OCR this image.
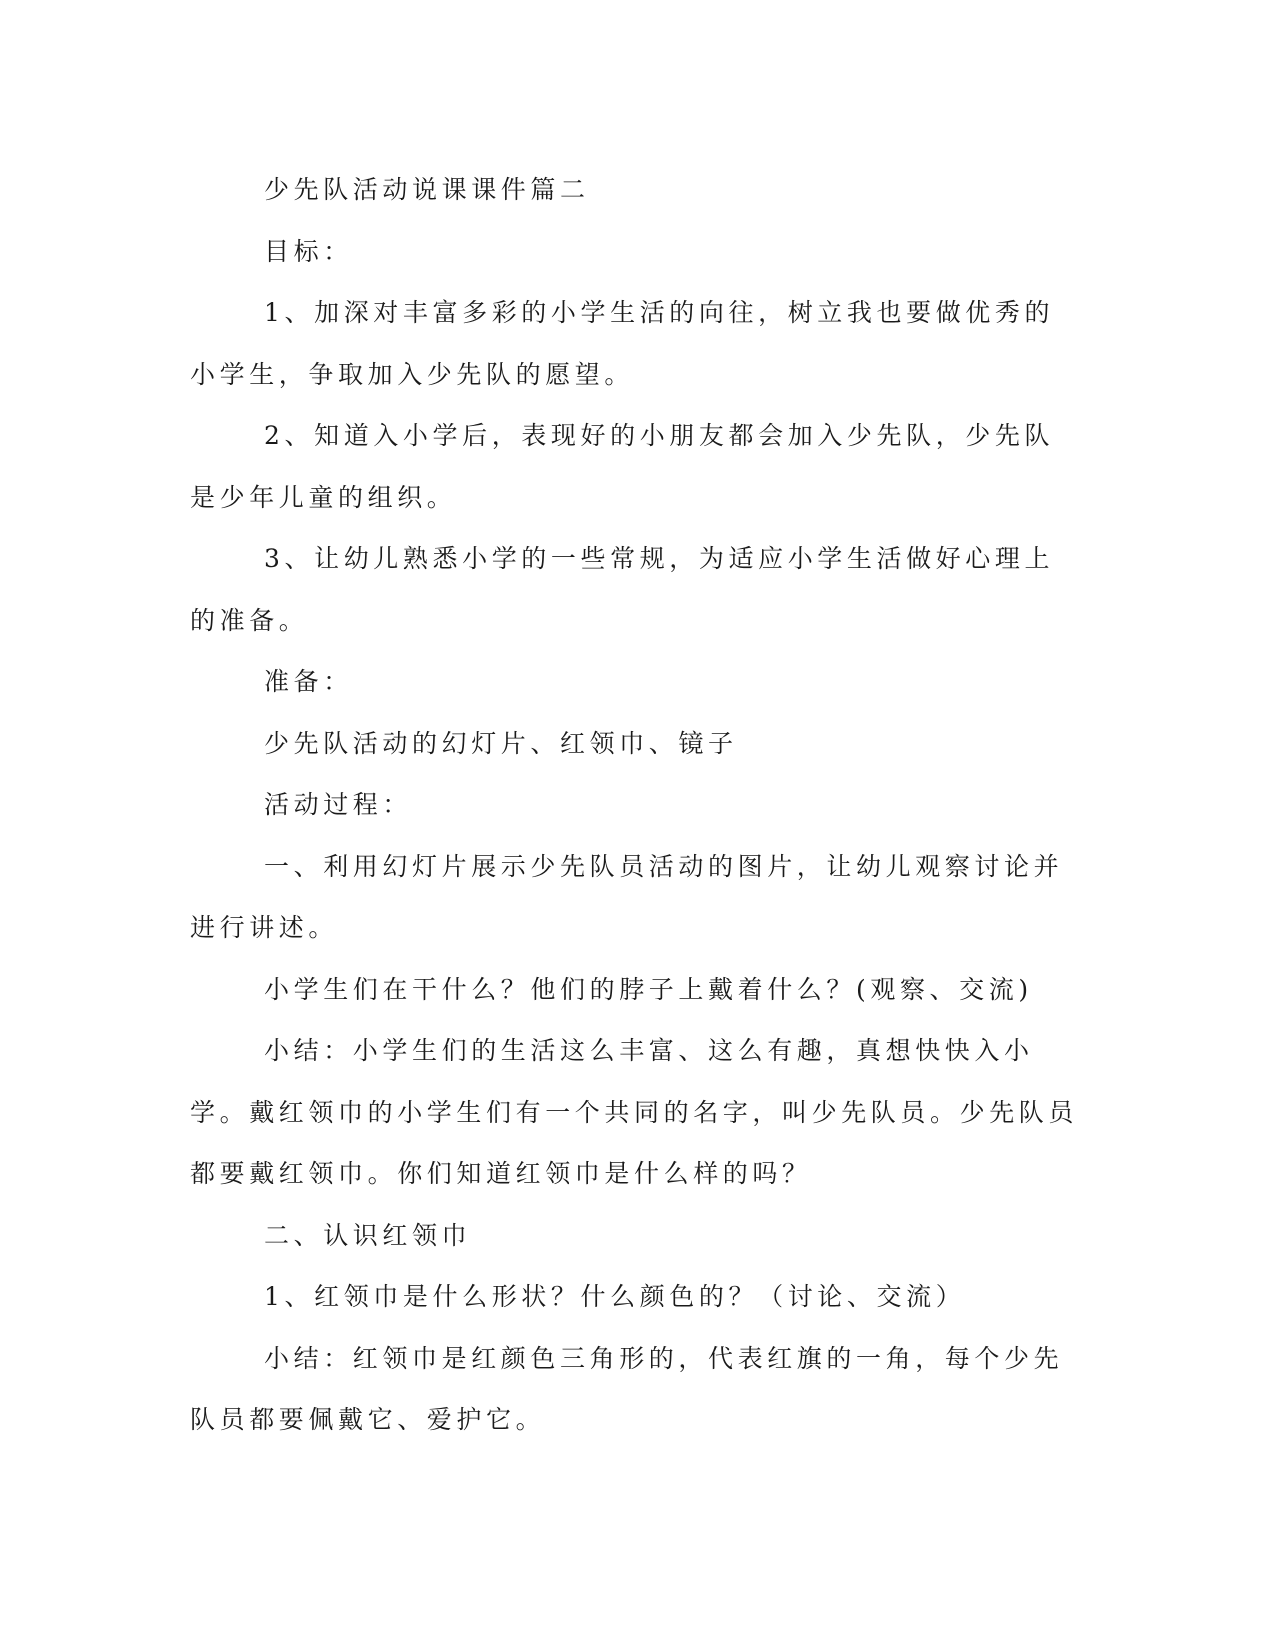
少先队活动说课课件篇二

目标：

1、加深对丰富多彩的小学生活的向往，树立我也要做优秀的小学生，争取加入少先队的愿望。

2、知道入小学后，表现好的小朋友都会加入少先队，少先队是少年儿童的组织。

3、让幼儿熟悉小学的一些常规，为适应小学生活做好心理上的准备。

准备：

少先队活动的幻灯片、红领巾、镜子

活动过程：

一、利用幻灯片展示少先队员活动的图片，让幼儿观察讨论并进行讲述。

小学生们在干什么？他们的脖子上戴着什么？(观察、交流)

小结：小学生们的生活这么丰富、这么有趣，真想快快入小学。戴红领巾的小学生们有一个共同的名字，叫少先队员。少先队员都要戴红领巾。你们知道红领巾是什么样的吗？

二、认识红领巾

1、红领巾是什么形状？什么颜色的？（讨论、交流）

小结：红领巾是红颜色三角形的，代表红旗的一角，每个少先队员都要佩戴它、爱护它。
